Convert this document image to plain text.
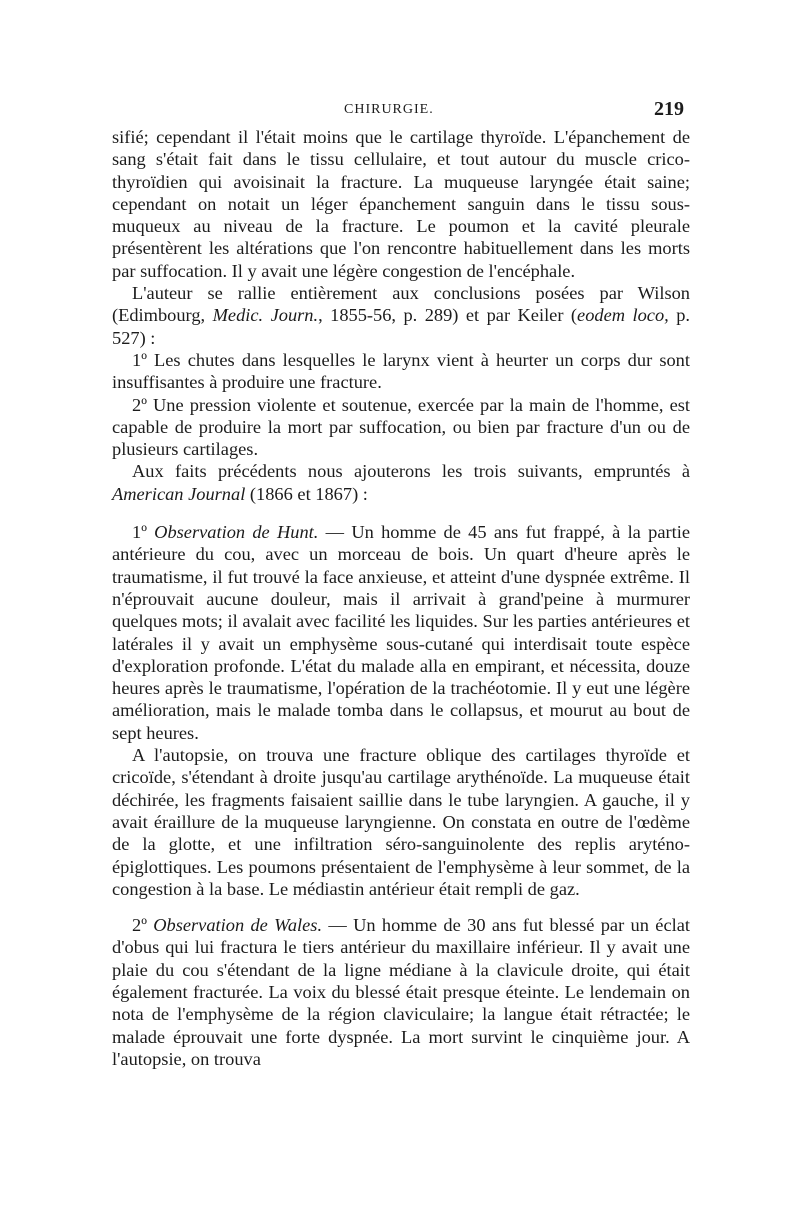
CHIRURGIE.	219

sifié; cependant il l'était moins que le cartilage thyroïde. L'épanchement de sang s'était fait dans le tissu cellulaire, et tout autour du muscle crico-thyroïdien qui avoisinait la fracture. La muqueuse laryngée était saine; cependant on notait un léger épanchement sanguin dans le tissu sous-muqueux au niveau de la fracture. Le poumon et la cavité pleurale présentèrent les altérations que l'on rencontre habituellement dans les morts par suffocation. Il y avait une légère congestion de l'encéphale.

L'auteur se rallie entièrement aux conclusions posées par Wilson (Edimbourg, Medic. Journ., 1855-56, p. 289) et par Keiler (eodem loco, p. 527) :

1º Les chutes dans lesquelles le larynx vient à heurter un corps dur sont insuffisantes à produire une fracture.

2º Une pression violente et soutenue, exercée par la main de l'homme, est capable de produire la mort par suffocation, ou bien par fracture d'un ou de plusieurs cartilages.

Aux faits précédents nous ajouterons les trois suivants, empruntés à American Journal (1866 et 1867) :

1º Observation de Hunt. — Un homme de 45 ans fut frappé, à la partie antérieure du cou, avec un morceau de bois. Un quart d'heure après le traumatisme, il fut trouvé la face anxieuse, et atteint d'une dyspnée extrême. Il n'éprouvait aucune douleur, mais il arrivait à grand'peine à murmurer quelques mots; il avalait avec facilité les liquides. Sur les parties antérieures et latérales il y avait un emphysème sous-cutané qui interdisait toute espèce d'exploration profonde. L'état du malade alla en empirant, et nécessita, douze heures après le traumatisme, l'opération de la trachéotomie. Il y eut une légère amélioration, mais le malade tomba dans le collapsus, et mourut au bout de sept heures.

A l'autopsie, on trouva une fracture oblique des cartilages thyroïde et cricoïde, s'étendant à droite jusqu'au cartilage arythénoïde. La muqueuse était déchirée, les fragments faisaient saillie dans le tube laryngien. A gauche, il y avait éraillure de la muqueuse laryngienne. On constata en outre de l'œdème de la glotte, et une infiltration séro-sanguinolente des replis aryténo-épiglottiques. Les poumons présentaient de l'emphysème à leur sommet, de la congestion à la base. Le médiastin antérieur était rempli de gaz.

2º Observation de Wales. — Un homme de 30 ans fut blessé par un éclat d'obus qui lui fractura le tiers antérieur du maxillaire inférieur. Il y avait une plaie du cou s'étendant de la ligne médiane à la clavicule droite, qui était également fracturée. La voix du blessé était presque éteinte. Le lendemain on nota de l'emphysème de la région claviculaire; la langue était rétractée; le malade éprouvait une forte dyspnée. La mort survint le cinquième jour. A l'autopsie, on trouva
